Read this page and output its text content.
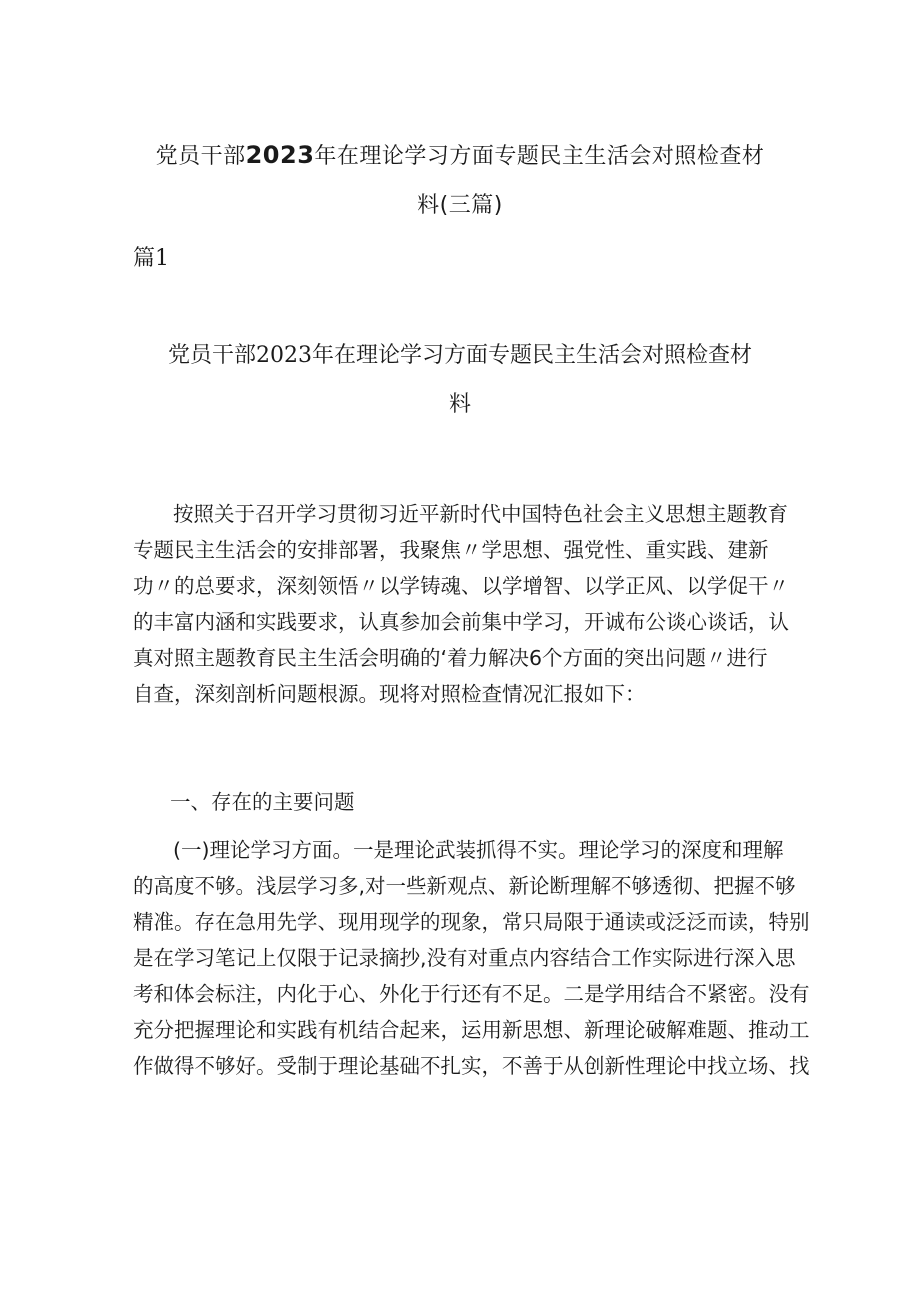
党员干部2023年在理论学习方面专题民主生活会对照检查材
料(三篇)
篇1
党员干部2023年在理论学习方面专题民主生活会对照检查材
料
按照关于召开学习贯彻习近平新时代中国特色社会主义思想主题教育
专题民主生活会的安排部署，我聚焦〃学思想、强党性、重实践、建新
功〃的总要求，深刻领悟〃以学铸魂、以学增智、以学正风、以学促干〃
的丰富内涵和实践要求，认真参加会前集中学习，开诚布公谈心谈话，认
真对照主题教育民主生活会明确的‘着力解决6个方面的突出问题〃进行
自查，深刻剖析问题根源。现将对照检查情况汇报如下：
一、存在的主要问题
(一)理论学习方面。一是理论武装抓得不实。理论学习的深度和理解
的高度不够。浅层学习多,对一些新观点、新论断理解不够透彻、把握不够
精准。存在急用先学、现用现学的现象，常只局限于通读或泛泛而读，特别
是在学习笔记上仅限于记录摘抄,没有对重点内容结合工作实际进行深入思
考和体会标注，内化于心、外化于行还有不足。二是学用结合不紧密。没有
充分把握理论和实践有机结合起来，运用新思想、新理论破解难题、推动工
作做得不够好。受制于理论基础不扎实，不善于从创新性理论中找立场、找
